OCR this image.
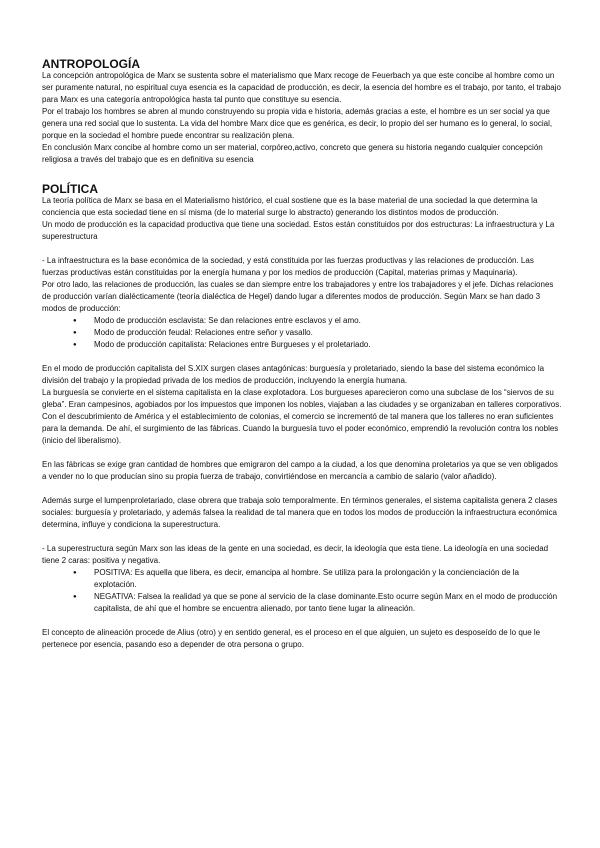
ANTROPOLOGÍA

La concepción antropológica de Marx se sustenta sobre el materialismo que Marx recoge de Feuerbach ya que este concibe al hombre como un ser puramente natural, no espiritual cuya esencia es la capacidad de producción, es decir, la esencia del hombre es el trabajo, por tanto, el trabajo para Marx es una categoría antropológica hasta tal punto que constituye su esencia.

Por el trabajo los hombres se abren al mundo construyendo su propia vida e historia, además gracias a este, el hombre es un ser social ya que genera una red social que lo sustenta. La vida del hombre Marx dice que es genérica, es decir, lo propio del ser humano es lo general, lo social, porque en la sociedad el hombre puede encontrar su realización plena.

En conclusión Marx concibe al hombre como un ser material, corpóreo,activo, concreto que genera su historia negando cualquier concepción religiosa a través del trabajo que es en definitiva su esencia

POLÍTICA

La teoría política de Marx se basa en el Materialismo histórico, el cual sostiene que es la base material de una sociedad la que determina la conciencia que esta sociedad tiene en sí misma (de lo material surge lo abstracto) generando los distintos modos de producción.

Un modo de producción es la capacidad productiva que tiene una sociedad. Estos están constituidos por dos estructuras: La infraestructura y La superestructura

- La infraestructura es la base económica de la sociedad, y está constituida por las fuerzas productivas y las relaciones de producción. Las fuerzas productivas están constituidas por la energía humana y por los medios de producción (Capital, materias primas y Maquinaria).

Por otro lado, las relaciones de producción, las cuales se dan siempre entre los trabajadores y entre los trabajadores y el jefe. Dichas relaciones de producción varían dialécticamente (teoría dialéctica de Hegel) dando lugar a diferentes modos de producción. Según Marx se han dado 3 modos de producción:

● Modo de producción esclavista: Se dan relaciones entre esclavos y el amo.
● Modo de producción feudal: Relaciones entre señor y vasallo.
● Modo de producción capitalista: Relaciones entre Burgueses y el proletariado.

En el modo de producción capitalista del S.XIX surgen clases antagónicas: burguesía y proletariado, siendo la base del sistema económico la división del trabajo y la propiedad privada de los medios de producción, incluyendo la energía humana.

La burguesía se convierte en el sistema capitalista en la clase explotadora. Los burgueses aparecieron como una subclase de los “siervos de su gleba”. Eran campesinos, agobiados por los impuestos que imponen los nobles, viajaban a las ciudades y se organizaban en talleres corporativos. Con el descubrimiento de América y el establecimiento de colonias, el comercio se incrementó de tal manera que los talleres no eran suficientes para la demanda. De ahí, el surgimiento de las fábricas. Cuando la burguesía tuvo el poder económico, emprendió la revolución contra los nobles (inicio del liberalismo).

En las fábricas se exige gran cantidad de hombres que emigraron del campo a la ciudad, a los que denomina proletarios ya que se ven obligados a vender no lo que producían sino su propia fuerza de trabajo, convirtiéndose en mercancía a cambio de salario (valor añadido).

Además surge el lumpenproletariado, clase obrera que trabaja solo temporalmente. En términos generales, el sistema capitalista genera 2 clases sociales: burguesía y proletariado, y además falsea la realidad de tal manera que en todos los modos de producción la infraestructura económica determina, influye y condiciona la superestructura.

- La superestructura según Marx son las ideas de la gente en una sociedad, es decir, la ideología que esta tiene. La ideología en una sociedad tiene 2 caras: positiva y negativa.

● POSITIVA: Es aquella que libera, es decir, emancipa al hombre. Se utiliza para la prolongación y la concienciación de la explotación.
● NEGATIVA: Falsea la realidad ya que se pone al servicio de la clase dominante.Esto ocurre según Marx en el modo de producción capitalista, de ahí que el hombre se encuentra alienado, por tanto tiene lugar la alineación.

El concepto de alineación procede de Alius (otro) y en sentido general, es el proceso en el que alguien, un sujeto es desposeído de lo que le pertenece por esencia, pasando eso a depender de otra persona o grupo.
